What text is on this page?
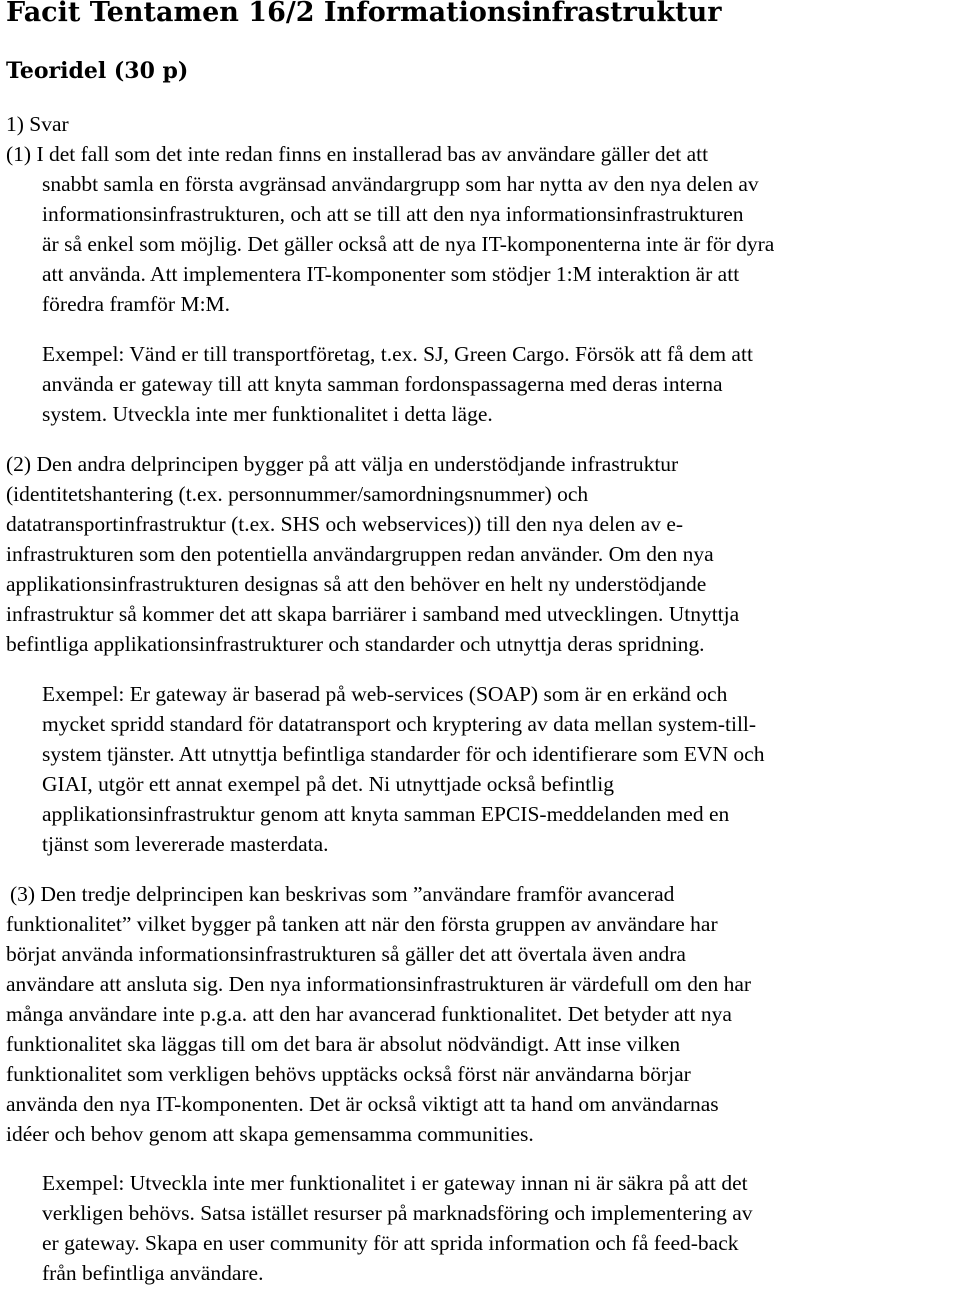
Facit Tentamen 16/2 Informationsinfrastruktur
Teoridel (30 p)
1) Svar
(1) I det fall som det inte redan finns en installerad bas av användare gäller det att
snabbt samla en första avgränsad användargrupp som har nytta av den nya delen av
informationsinfrastrukturen, och att se till att den nya informationsinfrastrukturen
är så enkel som möjlig. Det gäller också att de nya IT-komponenterna inte är för dyra
att använda. Att implementera IT-komponenter som stödjer 1:M interaktion är att
föredra framför M:M.
Exempel: Vänd er till transportföretag, t.ex. SJ, Green Cargo. Försök att få dem att
använda er gateway till att knyta samman fordonspassagerna med deras interna
system. Utveckla inte mer funktionalitet i detta läge.
(2) Den andra delprincipen bygger på att välja en understödjande infrastruktur
(identitetshantering (t.ex. personnummer/samordningsnummer) och
datatransportinfrastruktur (t.ex. SHS och webservices)) till den nya delen av e-
infrastrukturen som den potentiella användargruppen redan använder. Om den nya
applikationsinfrastrukturen designas så att den behöver en helt ny understödjande
infrastruktur så kommer det att skapa barriärer i samband med utvecklingen. Utnyttja
befintliga applikationsinfrastrukturer och standarder och utnyttja deras spridning.
Exempel: Er gateway är baserad på web-services (SOAP) som är en erkänd och
mycket spridd standard för datatransport och kryptering av data mellan system-till-
system tjänster. Att utnyttja befintliga standarder för och identifierare som EVN och
GIAI, utgör ett annat exempel på det. Ni utnyttjade också befintlig
applikationsinfrastruktur genom att knyta samman EPCIS-meddelanden med en
tjänst som levererade masterdata.
(3) Den tredje delprincipen kan beskrivas som ”användare framför avancerad
funktionalitet” vilket bygger på tanken att när den första gruppen av användare har
börjat använda informationsinfrastrukturen så gäller det att övertala även andra
användare att ansluta sig. Den nya informationsinfrastrukturen är värdefull om den har
många användare inte p.g.a. att den har avancerad funktionalitet. Det betyder att nya
funktionalitet ska läggas till om det bara är absolut nödvändigt. Att inse vilken
funktionalitet som verkligen behövs upptäcks också först när användarna börjar
använda den nya IT-komponenten. Det är också viktigt att ta hand om användarnas
idéer och behov genom att skapa gemensamma communities.
Exempel: Utveckla inte mer funktionalitet i er gateway innan ni är säkra på att det
verkligen behövs. Satsa istället resurser på marknadsföring och implementering av
er gateway. Skapa en user community för att sprida information och få feed-back
från befintliga användare.
